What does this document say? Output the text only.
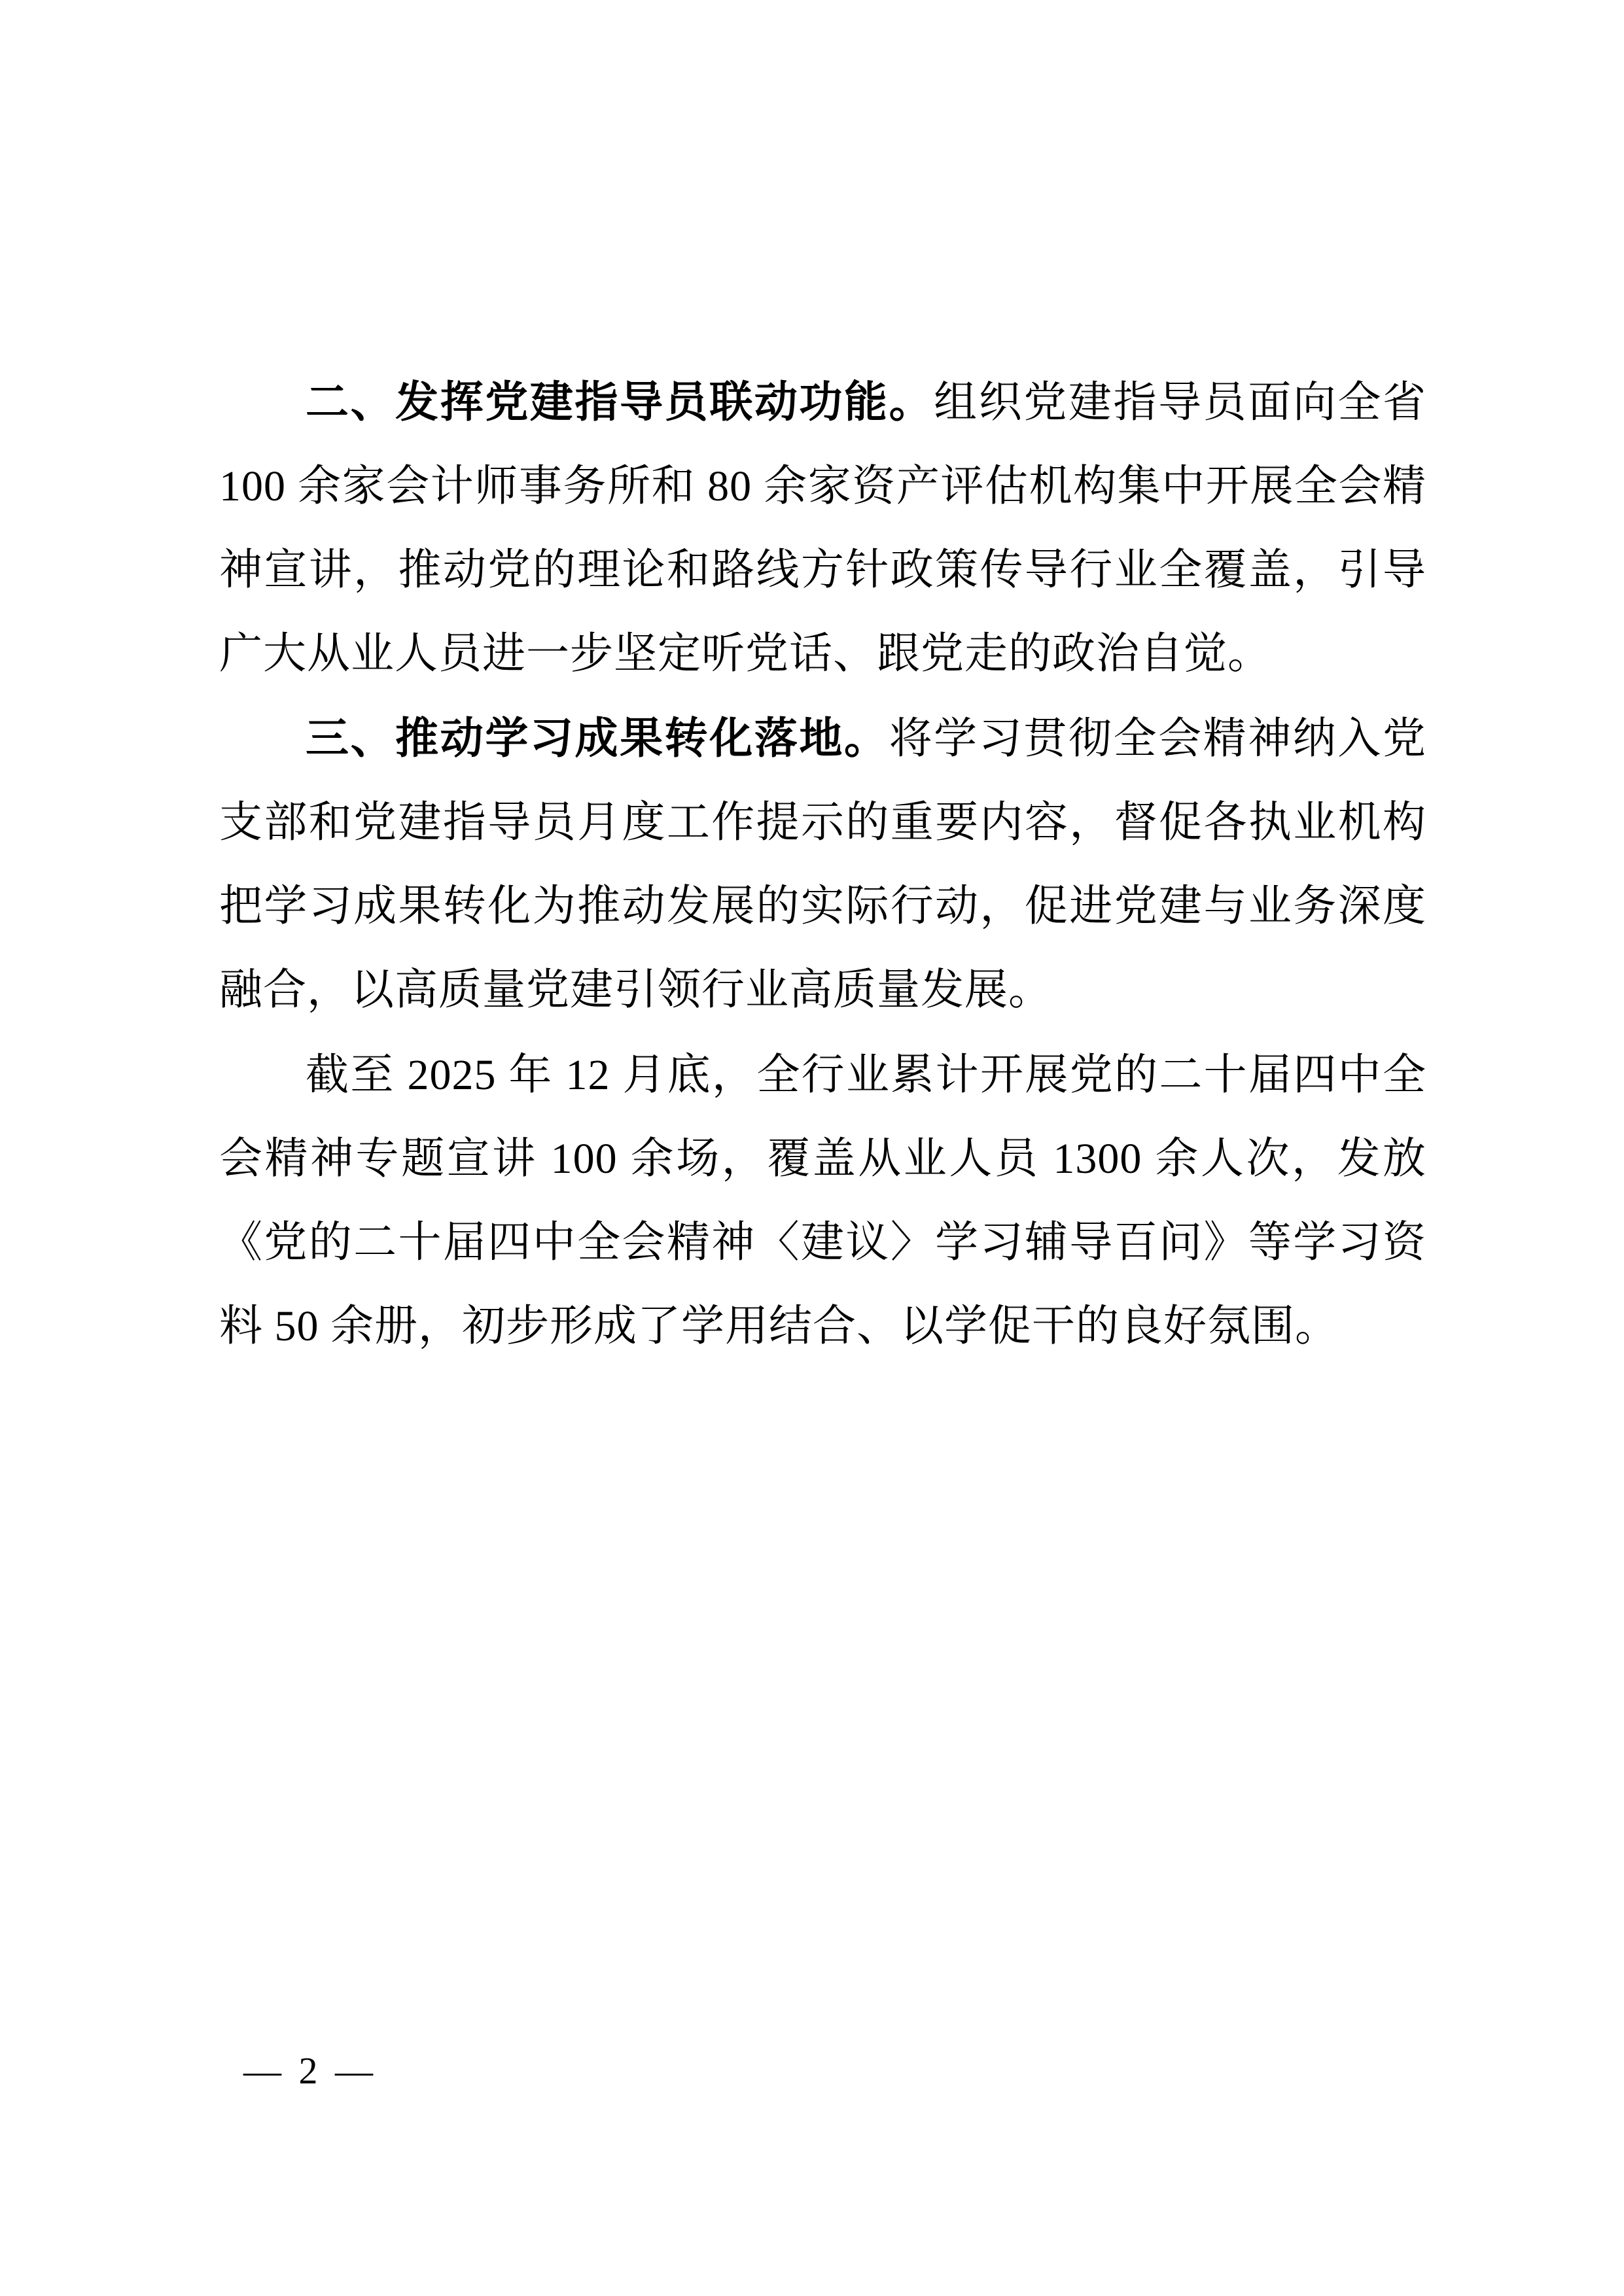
二、发挥党建指导员联动功能。组织党建指导员面向全省 100 余家会计师事务所和 80 余家资产评估机构集中开展全会精神宣讲，推动党的理论和路线方针政策传导行业全覆盖，引导广大从业人员进一步坚定听党话、跟党走的政治自觉。

三、推动学习成果转化落地。将学习贯彻全会精神纳入党支部和党建指导员月度工作提示的重要内容，督促各执业机构把学习成果转化为推动发展的实际行动，促进党建与业务深度融合，以高质量党建引领行业高质量发展。

截至 2025 年 12 月底，全行业累计开展党的二十届四中全会精神专题宣讲 100 余场，覆盖从业人员 1300 余人次，发放《党的二十届四中全会精神〈建议〉学习辅导百问》等学习资料 50 余册，初步形成了学用结合、以学促干的良好氛围。

— 2 —
